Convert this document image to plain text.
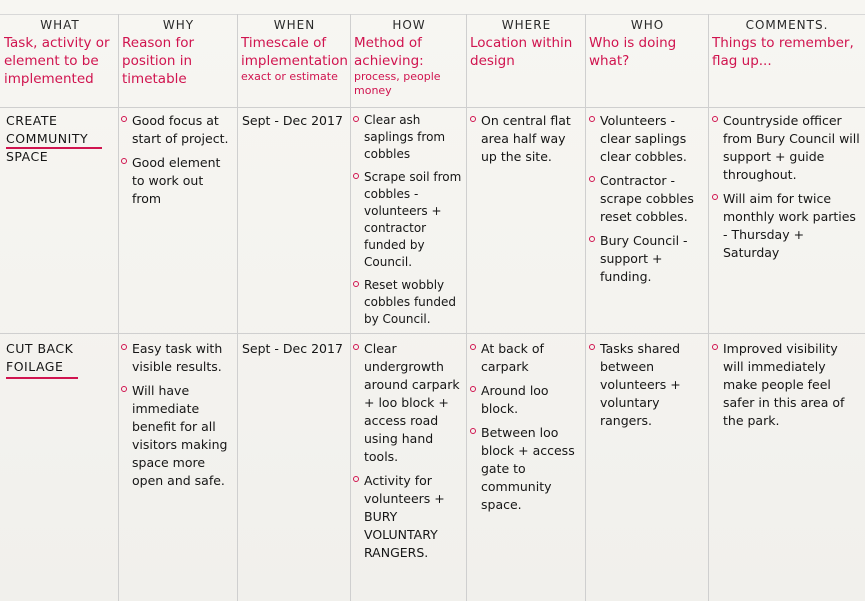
WHAT
Task, activity or element to be implemented
WHY
Reason for position in timetable
WHEN
Timescale of implementation
exact or estimate
HOW
Method of achieving:
process, people money
WHERE
Location within design
WHO
Who is doing what?
COMMENTS.
Things to remember, flag up...
CREATE COMMUNITY SPACE
Good focus at start of project.
Good element to work out from

Sept - Dec 2017	Clear ash saplings from cobbles
Scrape soil from cobbles - volunteers + contractor funded by Council.
Reset wobbly cobbles funded by Council.
On central flat area half way up the site.
Volunteers - clear saplings clear cobbles.
Contractor - scrape cobbles reset cobbles.
Bury Council - support + funding.
Countryside officer from Bury Council will support + guide throughout.
Will aim for twice monthly work parties - Thursday + Saturday
CUT BACK FOILAGE
Easy task with visible results.
Will have immediate benefit for all visitors making space more open and safe.

Sept - Dec 2017	Clear undergrowth around carpark + loo block + access road using hand tools.
Activity for volunteers + BURY VOLUNTARY RANGERS.
At back of carpark
Around loo block.
Between loo block + access gate to community space.
Tasks shared between volunteers + voluntary rangers.
Improved visibility will immediately make people feel safer in this area of the park.
